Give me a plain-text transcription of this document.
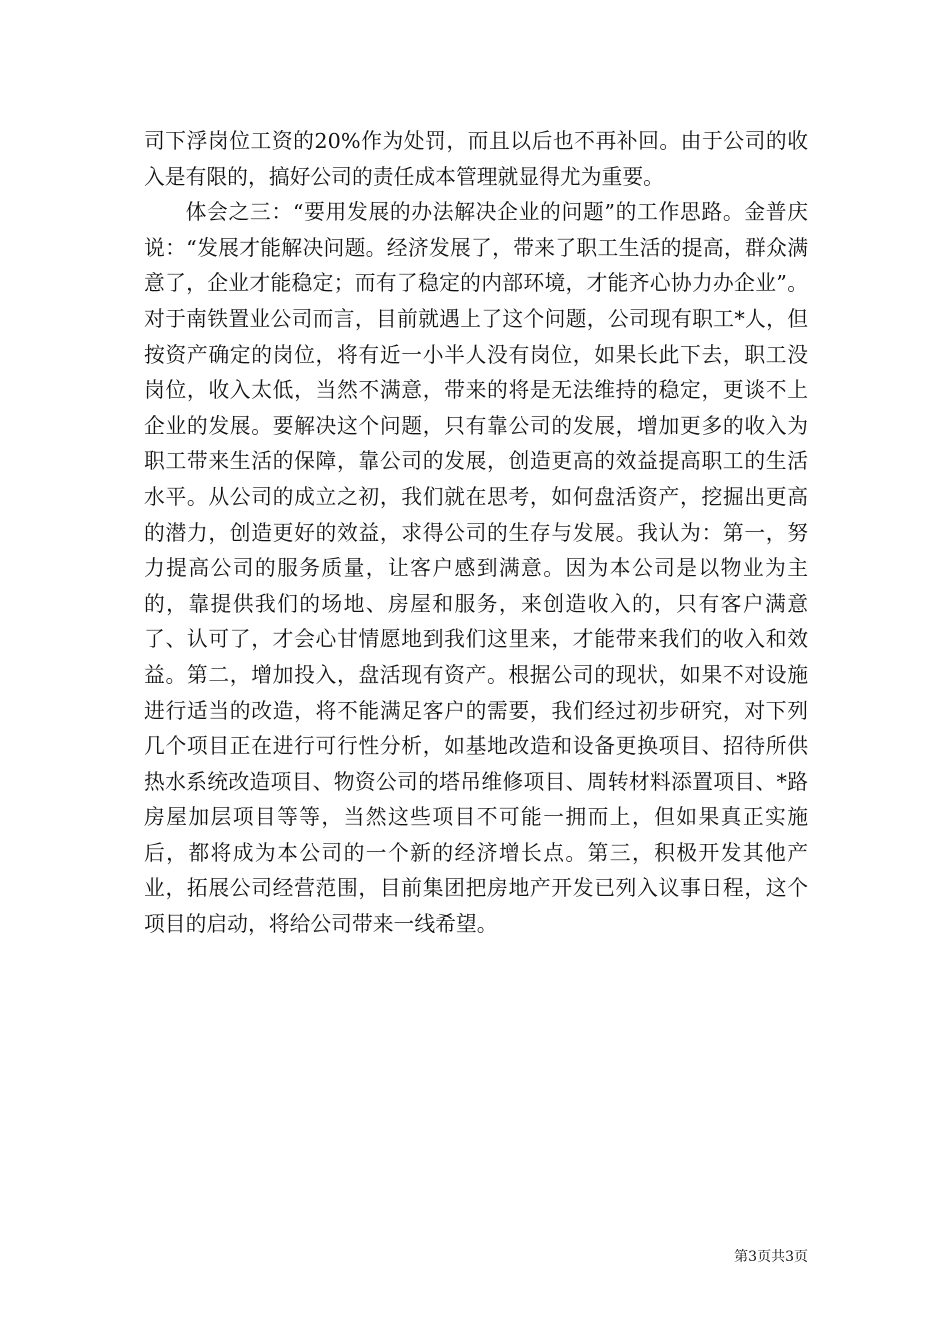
司下浮岗位工资的20%作为处罚，而且以后也不再补回。由于公司的收入是有限的，搞好公司的责任成本管理就显得尤为重要。

体会之三：“要用发展的办法解决企业的问题”的工作思路。金普庆说：“发展才能解决问题。经济发展了，带来了职工生活的提高，群众满意了，企业才能稳定；而有了稳定的内部环境，才能齐心协力办企业”。对于南铁置业公司而言，目前就遇上了这个问题，公司现有职工*人，但按资产确定的岗位，将有近一小半人没有岗位，如果长此下去，职工没岗位，收入太低，当然不满意，带来的将是无法维持的稳定，更谈不上企业的发展。要解决这个问题，只有靠公司的发展，增加更多的收入为职工带来生活的保障，靠公司的发展，创造更高的效益提高职工的生活水平。从公司的成立之初，我们就在思考，如何盘活资产，挖掘出更高的潜力，创造更好的效益，求得公司的生存与发展。我认为：第一，努力提高公司的服务质量，让客户感到满意。因为本公司是以物业为主的，靠提供我们的场地、房屋和服务，来创造收入的，只有客户满意了、认可了，才会心甘情愿地到我们这里来，才能带来我们的收入和效益。第二，增加投入，盘活现有资产。根据公司的现状，如果不对设施进行适当的改造，将不能满足客户的需要，我们经过初步研究，对下列几个项目正在进行可行性分析，如基地改造和设备更换项目、招待所供热水系统改造项目、物资公司的塔吊维修项目、周转材料添置项目、*路房屋加层项目等等，当然这些项目不可能一拥而上，但如果真正实施后，都将成为本公司的一个新的经济增长点。第三，积极开发其他产业，拓展公司经营范围，目前集团把房地产开发已列入议事日程，这个项目的启动，将给公司带来一线希望。

第3页共3页
